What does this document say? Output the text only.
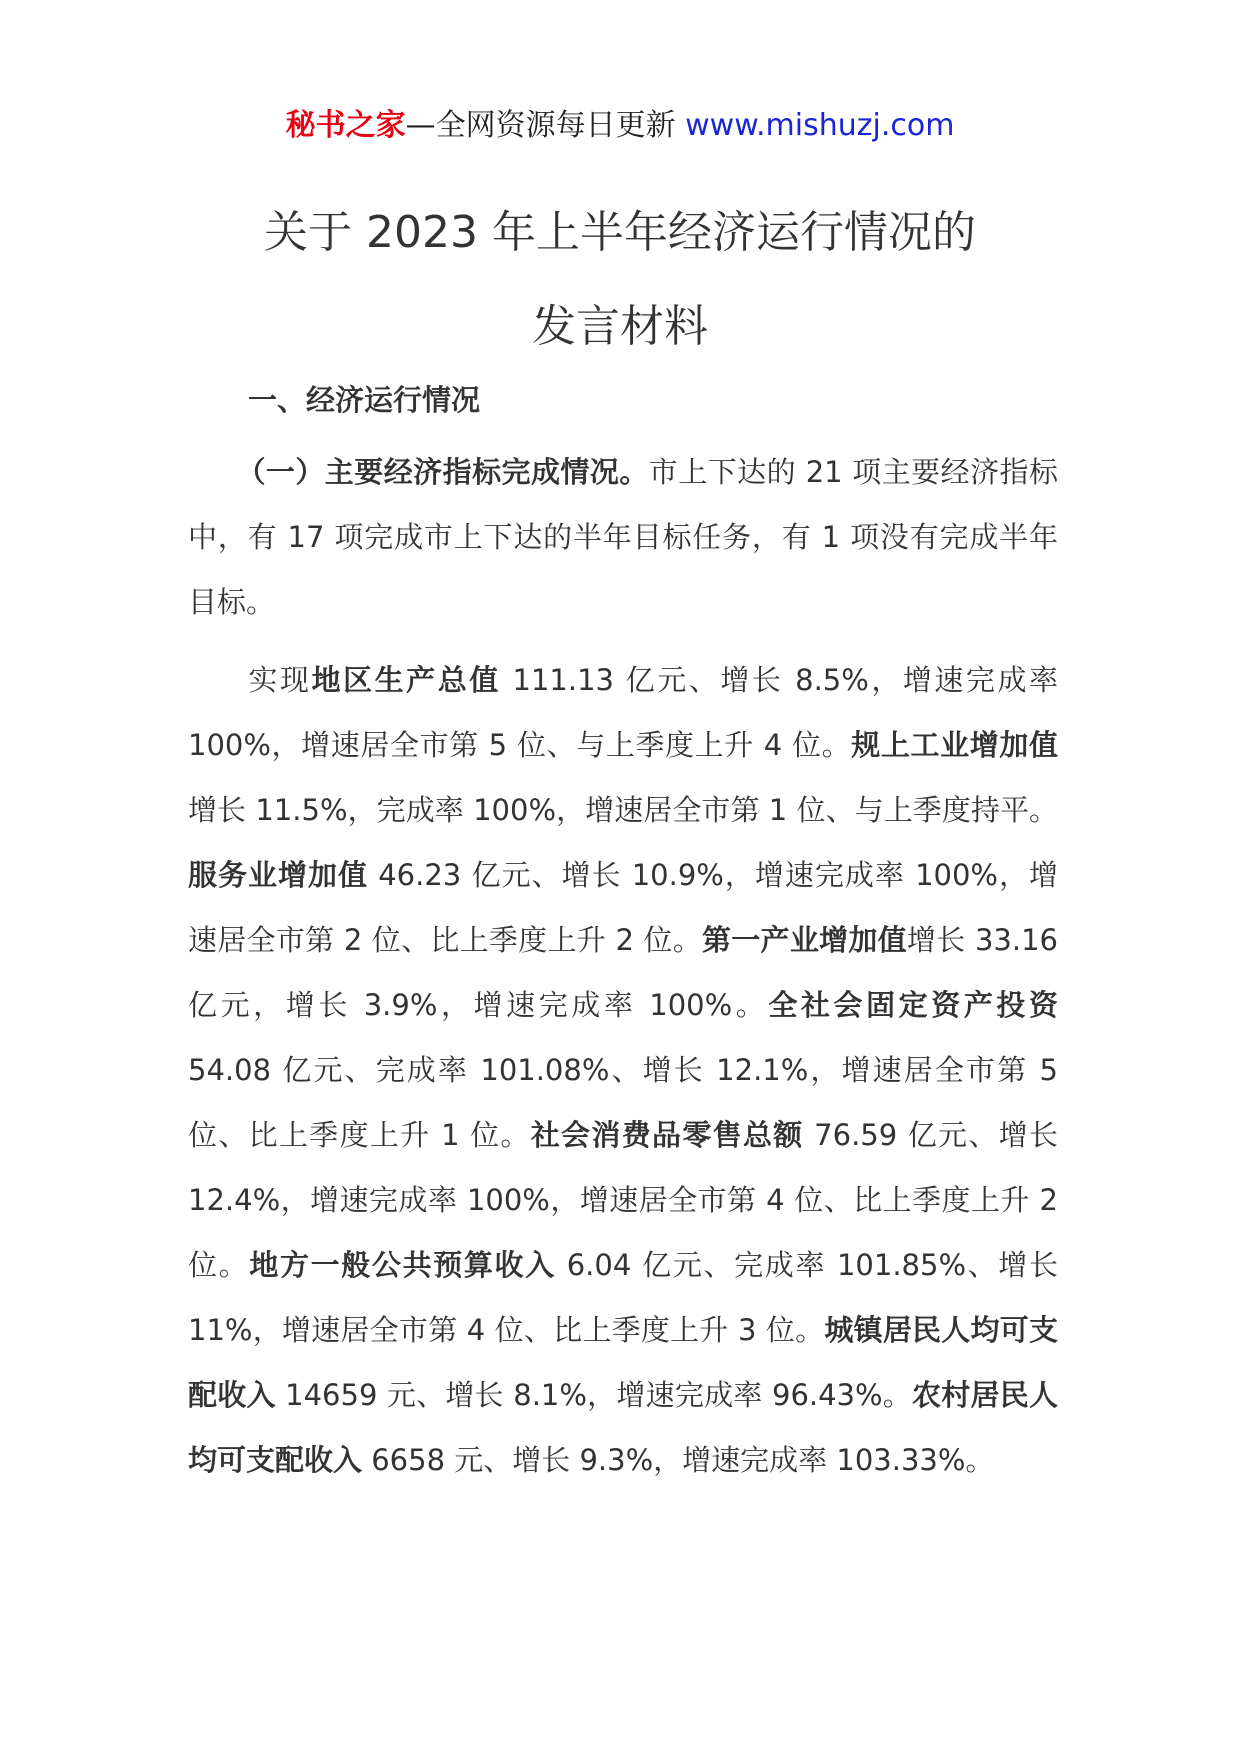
秘书之家—全网资源每日更新 www.mishuzj.com
关于 2023 年上半年经济运行情况的
发言材料
一、经济运行情况
（一）主要经济指标完成情况。市上下达的 21 项主要经济指标中，有 17 项完成市上下达的半年目标任务，有 1 项没有完成半年目标。
实现地区生产总值 111.13 亿元、增长 8.5%，增速完成率 100%，增速居全市第 5 位、与上季度上升 4 位。规上工业增加值增长 11.5%，完成率 100%，增速居全市第 1 位、与上季度持平。服务业增加值 46.23 亿元、增长 10.9%，增速完成率 100%，增速居全市第 2 位、比上季度上升 2 位。第一产业增加值增长 33.16 亿元，增长 3.9%，增速完成率 100%。全社会固定资产投资 54.08 亿元、完成率 101.08%、增长 12.1%，增速居全市第 5 位、比上季度上升 1 位。社会消费品零售总额 76.59 亿元、增长 12.4%，增速完成率 100%，增速居全市第 4 位、比上季度上升 2 位。地方一般公共预算收入 6.04 亿元、完成率 101.85%、增长 11%，增速居全市第 4 位、比上季度上升 3 位。城镇居民人均可支配收入 14659 元、增长 8.1%，增速完成率 96.43%。农村居民人均可支配收入 6658 元、增长 9.3%，增速完成率 103.33%。
